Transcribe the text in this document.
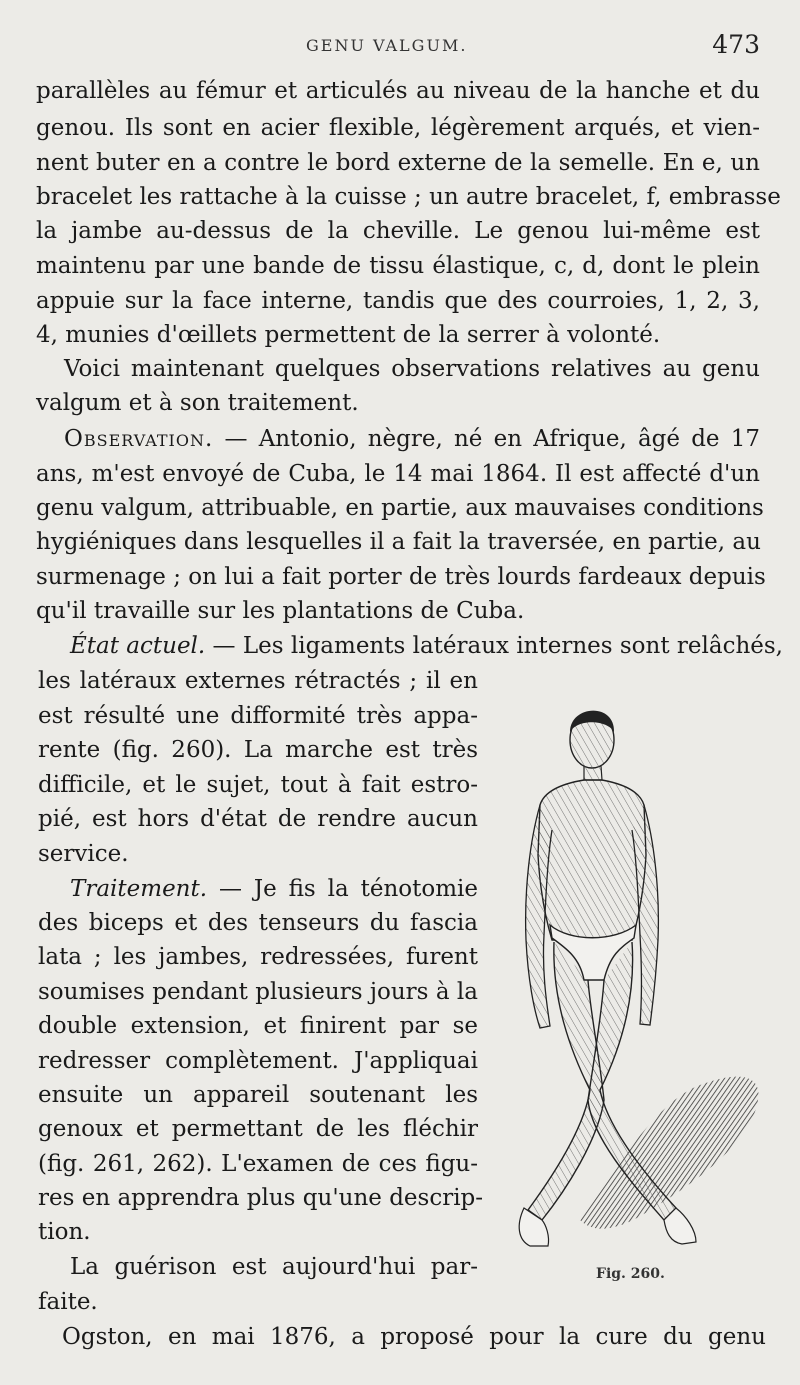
GENU VALGUM.	473
parallèles au fémur et articulés au niveau de la hanche et du
genou. Ils sont en acier flexible, légèrement arqués, et vien-
nent buter en a contre le bord externe de la semelle. En e, un
bracelet les rattache à la cuisse ; un autre bracelet, f, embrasse
la jambe au-dessus de la cheville. Le genou lui-même est
maintenu par une bande de tissu élastique, c, d, dont le plein
appuie sur la face interne, tandis que des courroies, 1, 2, 3,
4, munies d'œillets permettent de la serrer à volonté.
Voici maintenant quelques observations relatives au genu
valgum et à son traitement.
Observation. — Antonio, nègre, né en Afrique, âgé de 17
ans, m'est envoyé de Cuba, le 14 mai 1864. Il est affecté d'un
genu valgum, attribuable, en partie, aux mauvaises conditions
hygiéniques dans lesquelles il a fait la traversée, en partie, au
surmenage ; on lui a fait porter de très lourds fardeaux depuis
qu'il travaille sur les plantations de Cuba.
État actuel. — Les ligaments latéraux internes sont relâchés,
les latéraux externes rétractés ; il en
est résulté une difformité très appa-
rente (fig. 260). La marche est très
difficile, et le sujet, tout à fait estro-
pié, est hors d'état de rendre aucun
service.
Traitement. — Je fis la ténotomie
des biceps et des tenseurs du fascia
lata ; les jambes, redressées, furent
soumises pendant plusieurs jours à la
double extension, et finirent par se
redresser complètement. J'appliquai
ensuite un appareil soutenant les
genoux et permettant de les fléchir
(fig. 261, 262). L'examen de ces figu-
res en apprendra plus qu'une descrip-
tion.
La guérison est aujourd'hui par-
faite.
Ogston, en mai 1876, a proposé pour la cure du genu
Fig. 260.
